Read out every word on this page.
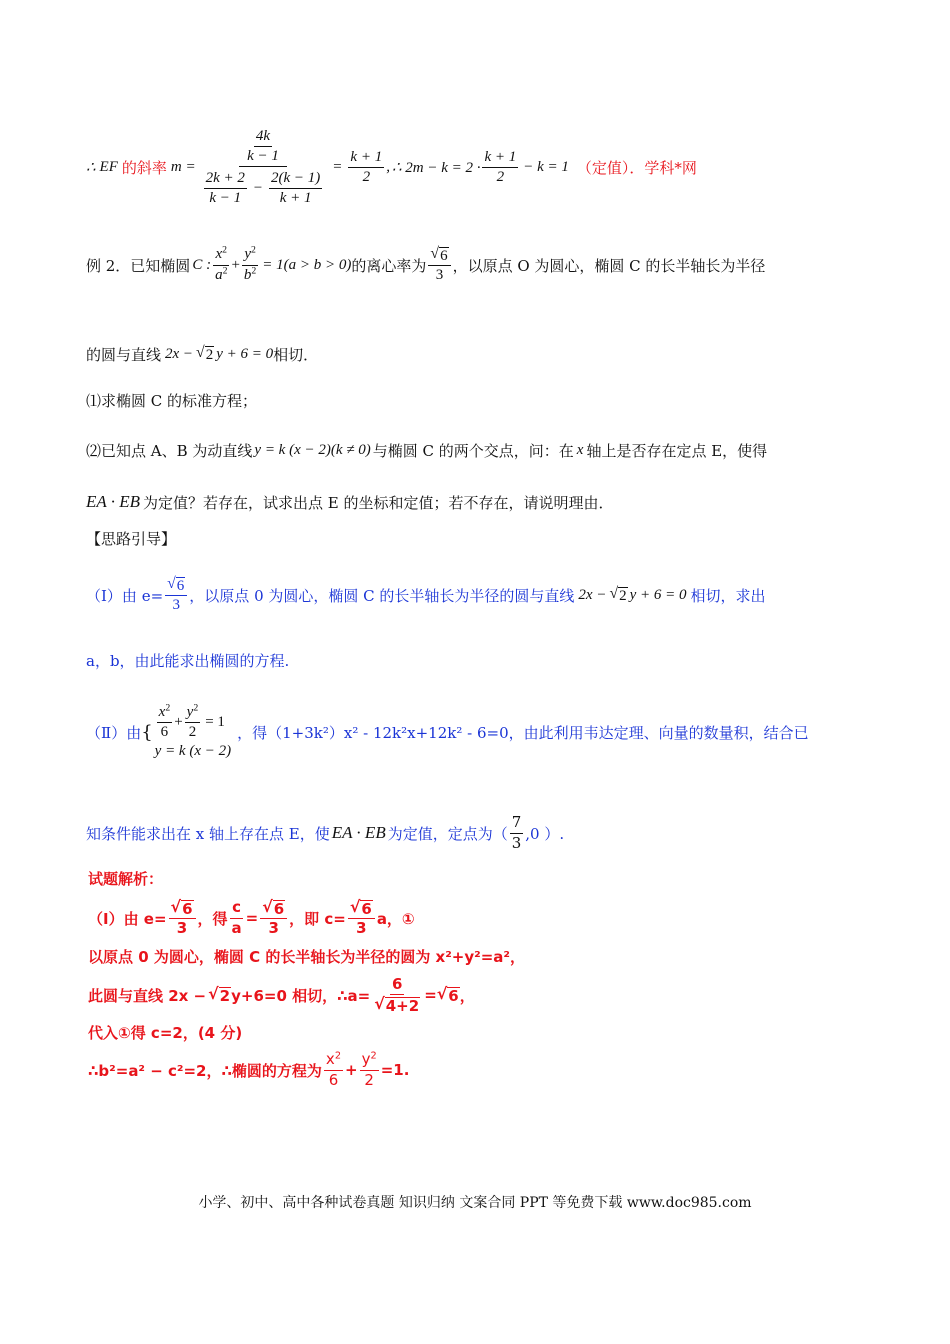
∴ EF 的斜率 m =
$\frac{4k}{k - 1}$
$\frac{2k + 2}{k - 1} - \frac{2(k - 1)}{k + 1}$
= $\frac{k + 1}{2}$ , ∴ $2m - k = 2 \cdot \frac{k + 1}{2} - k = 1$ （定值）．学科*网
例 2．已知椭圆 C : $\frac{x^2}{a^2} + \frac{y^2}{b^2} = 1(a > b > 0)$ 的离心率为 $\frac{√ 6}{3}$ ，以原点 O 为圆心，椭圆 C 的长半轴长为半径
的圆与直线 2x − √ 2 y + 6 = 0 相切．
⑴求椭圆 C 的标准方程；
⑵已知点 A、B 为动直线 y = k (x − 2)(k ≠ 0) 与椭圆 C 的两个交点，问：在 x 轴上是否存在定点 E，使得
EA · EB 为定值？若存在，试求出点 E 的坐标和定值；若不存在，请说明理由．
【思路引导】
（Ⅰ）由 $e= \frac{√ 6}{3}$ ，以原点 0 为圆心，椭圆 C 的长半轴长为半径的圆与直线 2x − √ 2 y + 6 = 0 相切，求出
a，b，由此能求出椭圆的方程.
（Ⅱ）由 { $\frac{x^2}{6} + \frac{y^2}{2} = 1$
y = k (x − 2)
，得（1+3k²）x² - 12k²x+12k² - 6=0，由此利用韦达定理、向量的数量积，结合已
知条件能求出在 x 轴上存在点 E，使 EA · EB 为定值，定点为（ $\frac{7}{3} ,0$ ）.
试题解析：
（Ⅰ）由 $e= \frac{√ 6}{3}$ ，得 $\frac{c}{a} = \frac{√ 6}{3}$ ，即 $c= \frac{√ 6}{3}$ a，①
以原点 0 为圆心，椭圆 C 的长半轴长为半径的圆为 x²+y²=a²，
此圆与直线 2x − √ 2 y+6=0 相切，∴a= $\frac{6}{√ 4+2}$ = √ 6 ，
代入①得 c=2，(4 分)
∴b²=a² − c²=2，∴椭圆的方程为 $\frac{x^2}{6} + \frac{y^2}{2} =1$.
小学、初中、高中各种试卷真题 知识归纳 文案合同 PPT 等免费下载 www.doc985.com
